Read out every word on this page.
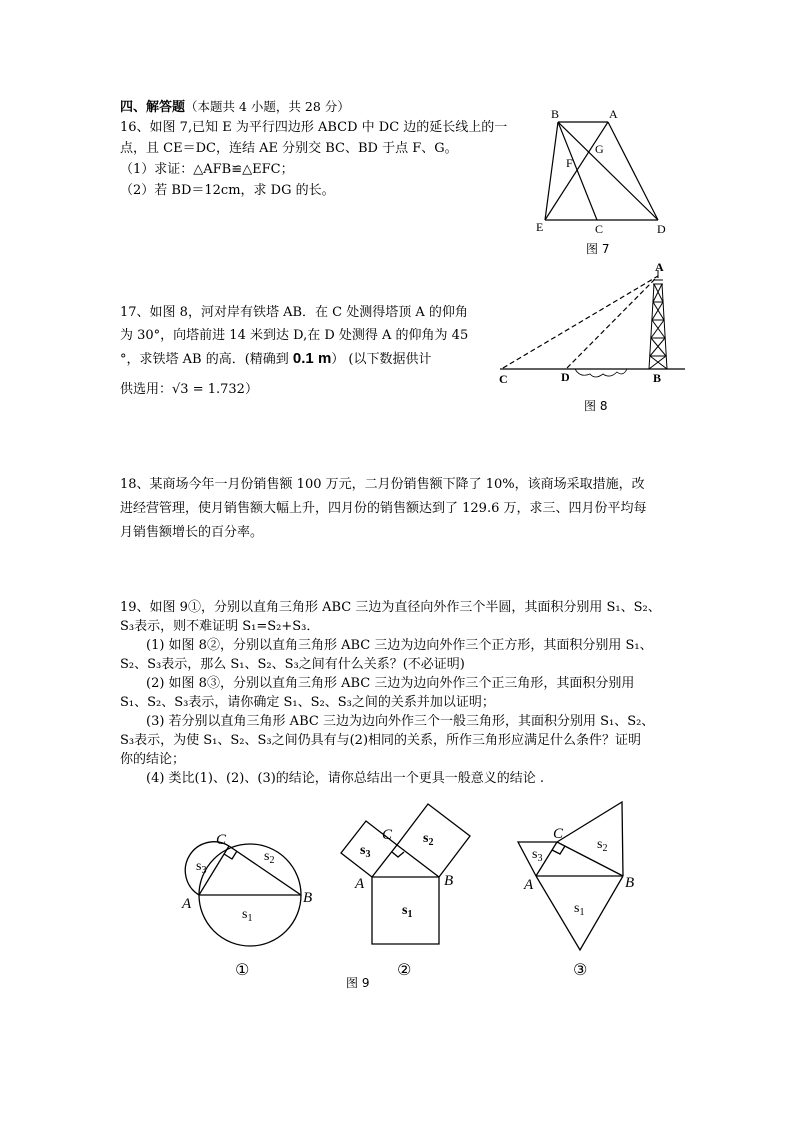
四、解答题（本题共 4 小题，共 28 分）
16、如图 7,已知 E 为平行四边形 ABCD 中 DC 边的延长线上的一
点，且 CE＝DC，连结 AE 分别交 BC、BD 于点 F、G。
（1）求证：△AFB≌△EFC；
（2）若 BD＝12cm，求 DG 的长。
B	A
F
G
E	C	D
图 7
17、如图 8，河对岸有铁塔 AB．在 C 处测得塔顶 A 的仰角
为 30°，向塔前进 14 米到达 D,在 D 处测得 A 的仰角为 45
°，求铁塔 AB 的高．(精确到 0.1 m） (以下数据供计
供选用：√3 = 1.732）
A
C	D	B
图 8
18、某商场今年一月份销售额 100 万元，二月份销售额下降了 10%，该商场采取措施，改
进经营管理，使月销售额大幅上升，四月份的销售额达到了 129.6 万，求三、四月份平均每
月销售额增长的百分率。
19、如图 9①，分别以直角三角形 ABC 三边为直径向外作三个半圆，其面积分别用 S₁、S₂、
S₃表示，则不难证明 S₁=S₂+S₃．
(1) 如图 8②，分别以直角三角形 ABC 三边为边向外作三个正方形，其面积分别用 S₁、
S₂、S₃表示，那么 S₁、S₂、S₃之间有什么关系？(不必证明)
(2) 如图 8③，分别以直角三角形 ABC 三边为边向外作三个正三角形，其面积分别用
S₁、S₂、S₃表示，请你确定 S₁、S₂、S₃之间的关系并加以证明；
(3) 若分别以直角三角形 ABC 三边为边向外作三个一般三角形，其面积分别用 S₁、S₂、
S₃表示，为使 S₁、S₂、S₃之间仍具有与(2)相同的关系，所作三角形应满足什么条件？证明
你的结论；
(4) 类比(1)、(2)、(3)的结论，请你总结出一个更具一般意义的结论 .
C
A	B
$s_3$
$s_2$
$s_1$
C
A	B
$s_3$
$s_2$
$s_1$
C
A	B
$s_3$
$s_2$
$s_1$
①	②	③
图 9
